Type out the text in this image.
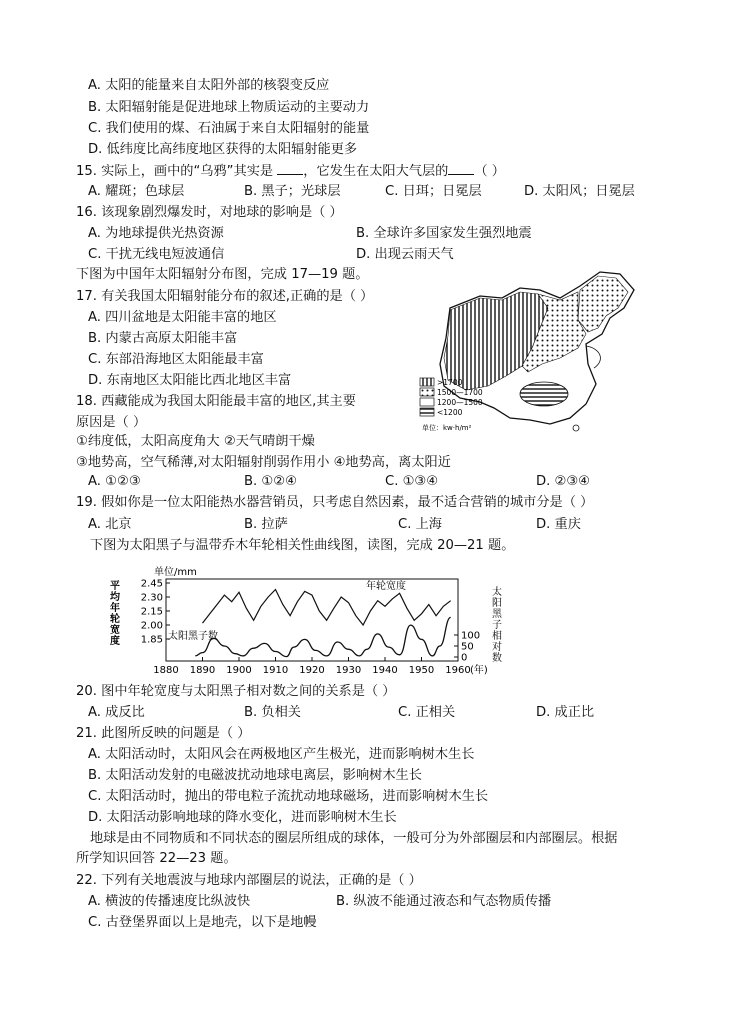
A. 太阳的能量来自太阳外部的核裂变反应
B. 太阳辐射能是促进地球上物质运动的主要动力
C. 我们使用的煤、石油属于来自太阳辐射的能量
D. 低纬度比高纬度地区获得的太阳辐射能更多
15. 实际上，画中的“乌鸦”其实是 ，它发生在太阳大气层的 （ ）
A. 耀斑；色球层	B. 黑子；光球层	C. 日珥；日冕层	D. 太阳风；日冕层
16. 该现象剧烈爆发时，对地球的影响是（ ）
A. 为地球提供光热资源	B. 全球许多国家发生强烈地震
C. 干扰无线电短波通信	D. 出现云雨天气
下图为中国年太阳辐射分布图，完成 17—19 题。
17. 有关我国太阳辐射能分布的叙述,正确的是（ ）
A. 四川盆地是太阳能丰富的地区
B. 内蒙古高原太阳能丰富
C. 东部沿海地区太阳能最丰富
D. 东南地区太阳能比西北地区丰富	>1700
1500—1700
1200—1500
<1200
单位：kw·h/m²
18. 西藏能成为我国太阳能最丰富的地区,其主要
原因是（ ）
①纬度低，太阳高度角大 ②天气晴朗干燥
③地势高，空气稀薄,对太阳辐射削弱作用小 ④地势高，离太阳近
A. ①②③	B. ①②④	C. ①③④	D. ②③④
19. 假如你是一位太阳能热水器营销员，只考虑自然因素，最不适合营销的城市分是（ ）
A. 北京	B. 拉萨	C. 上海	D. 重庆
下图为太阳黑子与温带乔木年轮相关性曲线图，读图，完成 20—21 题。
单位/mm
平
均
年
轮
宽
度
太
阳
黑
子
相
对
数
2.45
2.30
2.15
2.00
1.85	100
50
0
1880 1890 1900 1910 1920 1930 1940 1950 1960 (年)
年轮宽度
太阳黑子数
20. 图中年轮宽度与太阳黑子相对数之间的关系是（ ）
A. 成反比	B. 负相关	C. 正相关	D. 成正比
21. 此图所反映的问题是（ ）
A. 太阳活动时，太阳风会在两极地区产生极光，进而影响树木生长
B. 太阳活动发射的电磁波扰动地球电离层，影响树木生长
C. 太阳活动时，抛出的带电粒子流扰动地球磁场，进而影响树木生长
D. 太阳活动影响地球的降水变化，进而影响树木生长
地球是由不同物质和不同状态的圈层所组成的球体，一般可分为外部圈层和内部圈层。根据
所学知识回答 22—23 题。
22. 下列有关地震波与地球内部圈层的说法，正确的是（ ）
A. 横波的传播速度比纵波快	B. 纵波不能通过液态和气态物质传播
C. 古登堡界面以上是地壳，以下是地幔
